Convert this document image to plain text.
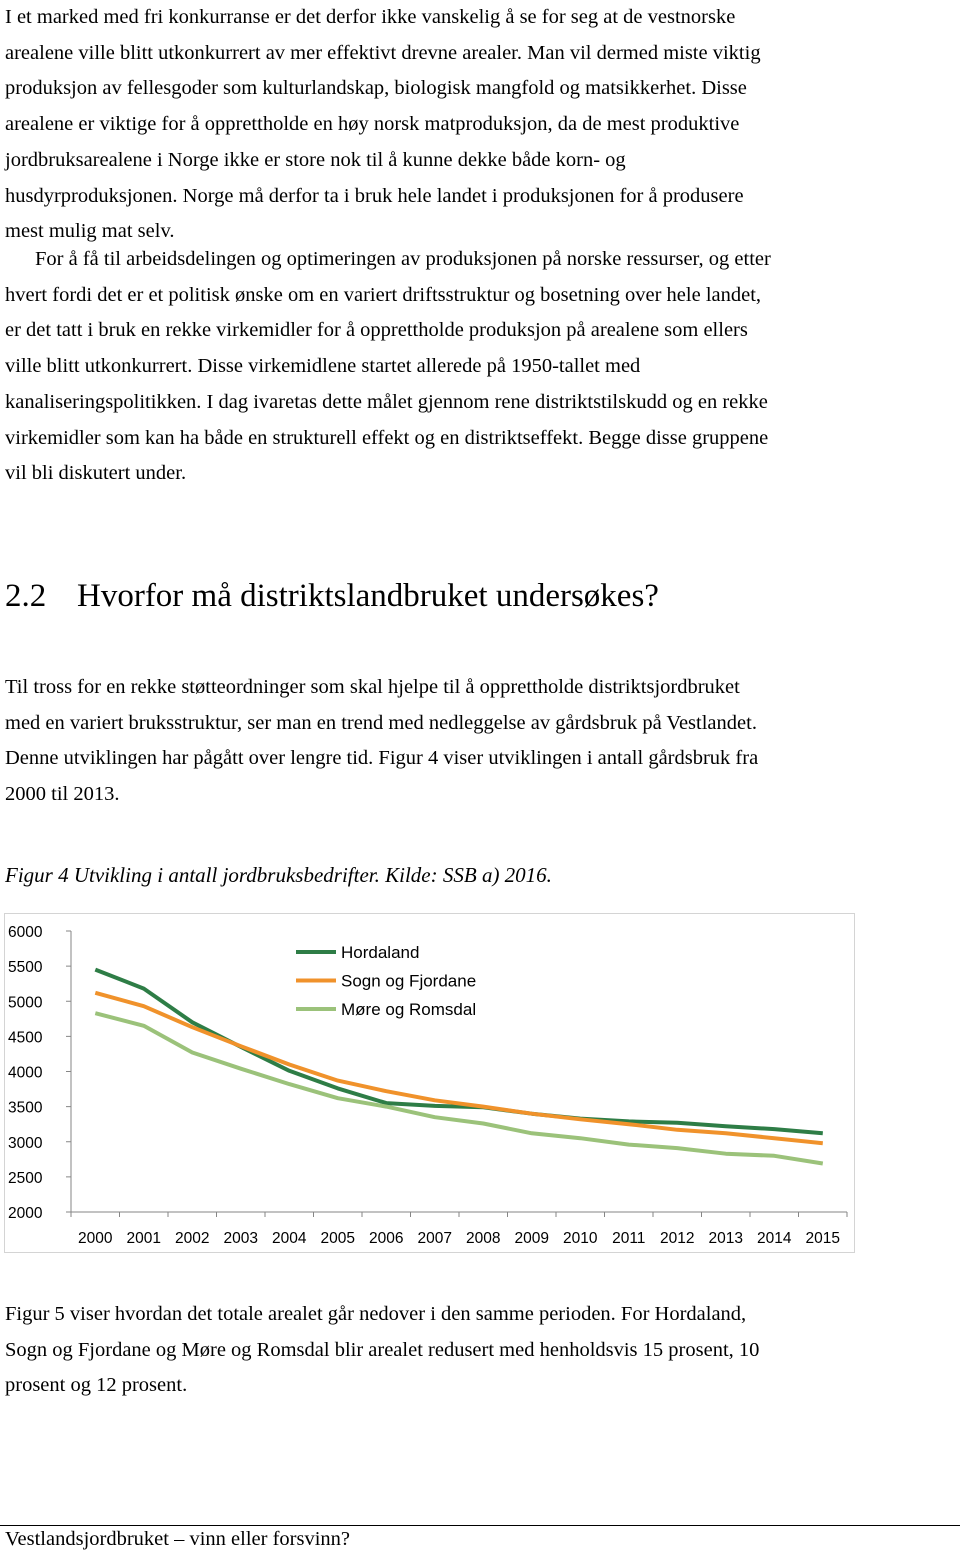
I et marked med fri konkurranse er det derfor ikke vanskelig å se for seg at de vestnorske
arealene ville blitt utkonkurrert av mer effektivt drevne arealer. Man vil dermed miste viktig
produksjon av fellesgoder som kulturlandskap, biologisk mangfold og matsikkerhet. Disse
arealene er viktige for å opprettholde en høy norsk matproduksjon, da de mest produktive
jordbruksarealene i Norge ikke er store nok til å kunne dekke både korn- og
husdyrproduksjonen. Norge må derfor ta i bruk hele landet i produksjonen for å produsere
mest mulig mat selv.
For å få til arbeidsdelingen og optimeringen av produksjonen på norske ressurser, og etter
hvert fordi det er et politisk ønske om en variert driftsstruktur og bosetning over hele landet,
er det tatt i bruk en rekke virkemidler for å opprettholde produksjon på arealene som ellers
ville blitt utkonkurrert. Disse virkemidlene startet allerede på 1950-tallet med
kanaliseringspolitikken. I dag ivaretas dette målet gjennom rene distriktstilskudd og en rekke
virkemidler som kan ha både en strukturell effekt og en distriktseffekt. Begge disse gruppene
vil bli diskutert under.
2.2 Hvorfor må distriktslandbruket undersøkes?
Til tross for en rekke støtteordninger som skal hjelpe til å opprettholde distriktsjordbruket
med en variert bruksstruktur, ser man en trend med nedleggelse av gårdsbruk på Vestlandet.
Denne utviklingen har pågått over lengre tid. Figur 4 viser utviklingen i antall gårdsbruk fra
2000 til 2013.

Figur 4 Utvikling i antall jordbruksbedrifter. Kilde: SSB a) 2016.

6000
5500
5000
4500
4000
3500
3000
2500
2000
2000 2001 2002 2003 2004 2005 2006 2007 2008 2009 2010 2011 2012 2013 2014 2015
Hordaland
Sogn og Fjordane
Møre og Romsdal
Figur 5 viser hvordan det totale arealet går nedover i den samme perioden. For Hordaland,
Sogn og Fjordane og Møre og Romsdal blir arealet redusert med henholdsvis 15 prosent, 10
prosent og 12 prosent.

Vestlandsjordbruket – vinn eller forsvinn?
